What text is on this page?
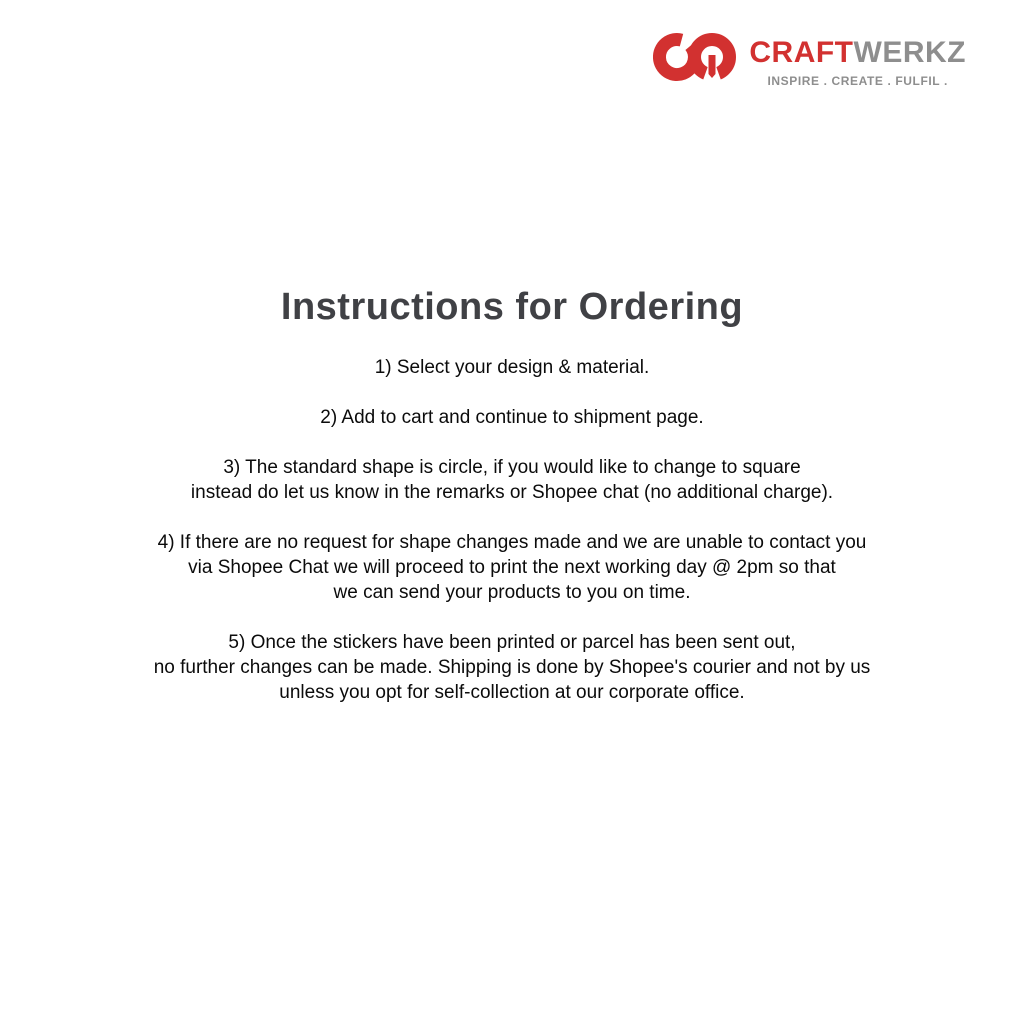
CRAFTWERKZ
INSPIRE . CREATE . FULFIL .
Instructions for Ordering

1) Select your design & material.

2) Add to cart and continue to shipment page.

3) The standard shape is circle, if you would like to change to square
instead do let us know in the remarks or Shopee chat (no additional charge).

4) If there are no request for shape changes made and we are unable to contact you
via Shopee Chat we will proceed to print the next working day @ 2pm so that
we can send your products to you on time.

5) Once the stickers have been printed or parcel has been sent out,
no further changes can be made. Shipping is done by Shopee's courier and not by us
unless you opt for self-collection at our corporate office.
